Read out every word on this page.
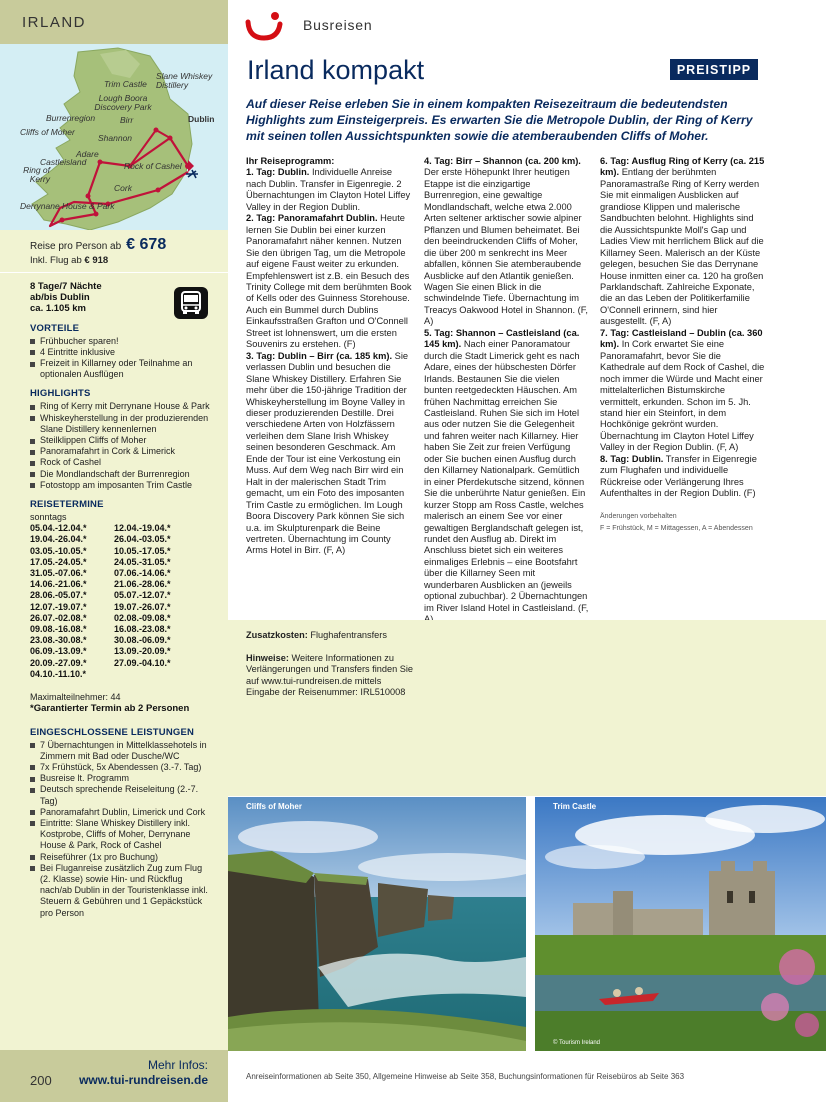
IRLAND
Trim Castle
Slane Whiskey Distillery
Lough Boora Discovery Park
Dublin
Burrenregion	Birr
Cliffs of Moher
Shannon
Adare
Castleisland	Rock of Cashel
Ring of Kerry
Cork
Derrynane House & Park
Reise pro Person ab € 678
Inkl. Flug ab € 918
8 Tage/7 Nächte
ab/bis Dublin
ca. 1.105 km
VORTEILE
Frühbucher sparen!
4 Eintritte inklusive
Freizeit in Killarney oder Teilnahme an optionalen Ausflügen
HIGHLIGHTS
Ring of Kerry mit Derrynane House & Park
Whiskeyherstellung in der produzierenden Slane Distillery kennenlernen
Steilklippen Cliffs of Moher
Panoramafahrt in Cork & Limerick
Rock of Cashel
Die Mondlandschaft der Burrenregion
Fotostopp am imposanten Trim Castle
REISETERMINE
sonntags
05.04.-12.04.*	12.04.-19.04.*
19.04.-26.04.*	26.04.-03.05.*
03.05.-10.05.*	10.05.-17.05.*
17.05.-24.05.*	24.05.-31.05.*
31.05.-07.06.*	07.06.-14.06.*
14.06.-21.06.*	21.06.-28.06.*
28.06.-05.07.*	05.07.-12.07.*
12.07.-19.07.*	19.07.-26.07.*
26.07.-02.08.*	02.08.-09.08.*
09.08.-16.08.*	16.08.-23.08.*
23.08.-30.08.*	30.08.-06.09.*
06.09.-13.09.*	13.09.-20.09.*
20.09.-27.09.*	27.09.-04.10.*
04.10.-11.10.*
Maximalteilnehmer: 44
*Garantierter Termin ab 2 Personen
EINGESCHLOSSENE LEISTUNGEN
7 Übernachtungen in Mittelklassehotels in Zimmern mit Bad oder Dusche/WC
7x Frühstück, 5x Abendessen (3.-7. Tag)
Busreise lt. Programm
Deutsch sprechende Reiseleitung (2.-7. Tag)
Panoramafahrt Dublin, Limerick und Cork
Eintritte: Slane Whiskey Distillery inkl. Kostprobe, Cliffs of Moher, Derrynane House & Park, Rock of Cashel
Reiseführer (1x pro Buchung)
Bei Fluganreise zusätzlich Zug zum Flug (2. Klasse) sowie Hin- und Rückflug nach/ab Dublin in der Touristenklasse inkl. Steuern & Gebühren und 1 Gepäckstück pro Person
200
Mehr Infos:
www.tui-rundreisen.de
Busreisen
Irland kompakt	PREISTIPP
Auf dieser Reise erleben Sie in einem kompakten Reisezeitraum die bedeutendsten Highlights zum Einsteigerpreis. Es erwarten Sie die Metropole Dublin, der Ring of Kerry mit seinen tollen Aussichtspunkten sowie die atemberaubenden Cliffs of Moher.
Ihr Reiseprogramm:
1. Tag: Dublin. Individuelle Anreise nach Dublin. Transfer in Eigenregie. 2 Übernachtungen im Clayton Hotel Liffey Valley in der Region Dublin.
2. Tag: Panoramafahrt Dublin. Heute lernen Sie Dublin bei einer kurzen Panoramafahrt näher kennen. Nutzen Sie den übrigen Tag, um die Metropole auf eigene Faust weiter zu erkunden. Empfehlenswert ist z.B. ein Besuch des Trinity College mit dem berühmten Book of Kells oder des Guinness Storehouse. Auch ein Bummel durch Dublins Einkaufsstraßen Grafton und O'Connell Street ist lohnenswert, um die ersten Souvenirs zu erstehen. (F)
3. Tag: Dublin – Birr (ca. 185 km). Sie verlassen Dublin und besuchen die Slane Whiskey Distillery. Erfahren Sie mehr über die 150-jährige Tradition der Whiskeyherstellung im Boyne Valley in dieser produzierenden Destille. Drei verschiedene Arten von Holzfässern verleihen dem Slane Irish Whiskey seinen besonderen Geschmack. Am Ende der Tour ist eine Verkostung ein Muss. Auf dem Weg nach Birr wird ein Halt in der malerischen Stadt Trim gemacht, um ein Foto des imposanten Trim Castle zu ermöglichen. Im Lough Boora Discovery Park können Sie sich u.a. im Skulpturenpark die Beine vertreten. Übernachtung im County Arms Hotel in Birr. (F, A)
4. Tag: Birr – Shannon (ca. 200 km). Der erste Höhepunkt Ihrer heutigen Etappe ist die einzigartige Burrenregion, eine gewaltige Mondlandschaft, welche etwa 2.000 Arten seltener arktischer sowie alpiner Pflanzen und Blumen beheimatet. Bei den beeindruckenden Cliffs of Moher, die über 200 m senkrecht ins Meer abfallen, können Sie atemberaubende Ausblicke auf den Atlantik genießen. Wagen Sie einen Blick in die schwindelnde Tiefe. Übernachtung im Treacys Oakwood Hotel in Shannon. (F, A)
5. Tag: Shannon – Castleisland (ca. 145 km). Nach einer Panoramatour durch die Stadt Limerick geht es nach Adare, eines der hübschesten Dörfer Irlands. Bestaunen Sie die vielen bunten reetgedeckten Häuschen. Am frühen Nachmittag erreichen Sie Castleisland. Ruhen Sie sich im Hotel aus oder nutzen Sie die Gelegenheit und fahren weiter nach Killarney. Hier haben Sie Zeit zur freien Verfügung oder Sie buchen einen Ausflug durch den Killarney Nationalpark. Gemütlich in einer Pferdekutsche sitzend, können Sie die unberührte Natur genießen. Ein kurzer Stopp am Ross Castle, welches malerisch an einem See vor einer gewaltigen Berglandschaft gelegen ist, rundet den Ausflug ab. Direkt im Anschluss bietet sich ein weiteres einmaliges Erlebnis – eine Bootsfahrt über die Killarney Seen mit wunderbaren Ausblicken an (jeweils optional zubuchbar). 2 Übernachtungen im River Island Hotel in Castleisland. (F,
6. Tag: Ausflug Ring of Kerry (ca. 215 km). Entlang der berühmten Panoramastraße Ring of Kerry werden Sie mit einmaligen Ausblicken auf grandiose Klippen und malerische Sandbuchten belohnt. Highlights sind die Aussichtspunkte Moll's Gap und Ladies View mit herrlichem Blick auf die Killarney Seen. Malerisch an der Küste gelegen, besuchen Sie das Derrynane House inmitten einer ca. 120 ha großen Parklandschaft. Zahlreiche Exponate, die an das Leben der Politikerfamilie O'Connell erinnern, sind hier ausgestellt. (F, A)
7. Tag: Castleisland – Dublin (ca. 360 km). In Cork erwartet Sie eine Panoramafahrt, bevor Sie die Kathedrale auf dem Rock of Cashel, die noch immer die Würde und Macht einer mittelalterlichen Bistumskirche vermittelt, erkunden. Schon im 5. Jh. stand hier ein Steinfort, in dem Hochkönige gekrönt wurden. Übernachtung im Clayton Hotel Liffey Valley in der Region Dublin. (F, A)
8. Tag: Dublin. Transfer in Eigenregie zum Flughafen und individuelle Rückreise oder Verlängerung Ihres Aufenthaltes in der Region Dublin. (F)
Änderungen vorbehalten
F = Frühstück, M = Mittagessen, A = Abendessen
Zusatzkosten: Flughafentransfers

Hinweise: Weitere Informationen zu Verlängerungen und Transfers finden Sie auf www.tui-rundreisen.de mittels Eingabe der Reisenummer: IRL510008
Cliffs of Moher	Trim Castle
© Tourism Ireland
Anreiseinformationen ab Seite 350, Allgemeine Hinweise ab Seite 358, Buchungsinformationen für Reisebüros ab Seite 363
